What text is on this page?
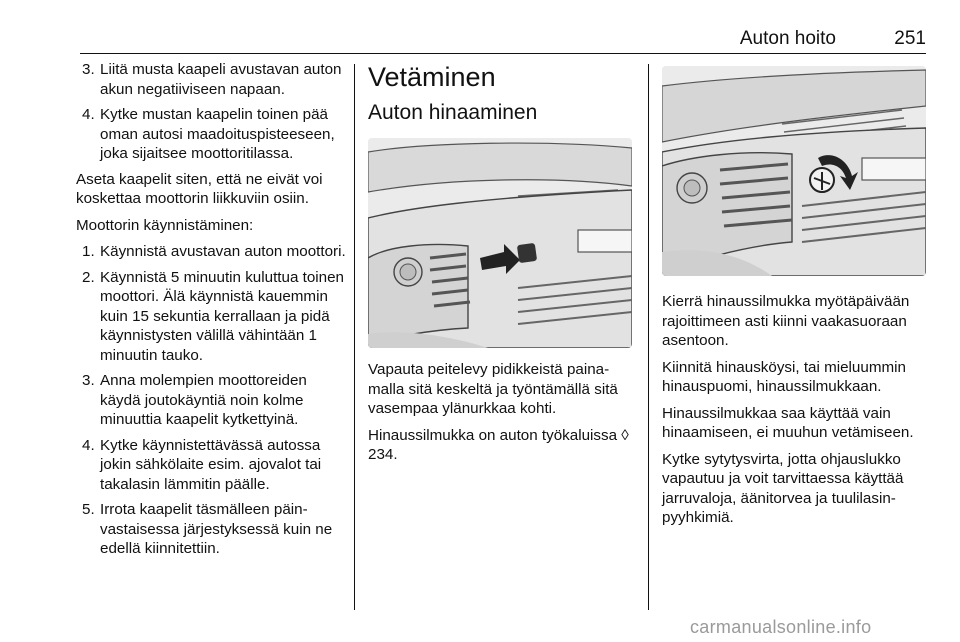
Auton hoito	251
3. Liitä musta kaapeli avustavan auton akun negatiiviseen napaan.
4. Kytke mustan kaapelin toinen pää oman autosi maadoituspisteeseen, joka sijaitsee moottoritilassa.

Aseta kaapelit siten, että ne eivät voi koskettaa moottorin liikkuviin osiin.

Moottorin käynnistäminen:

1. Käynnistä avustavan auton moottori.
2. Käynnistä 5 minuutin kuluttua toinen moottori. Älä käynnistä kauemmin kuin 15 sekuntia kerrallaan ja pidä käynnistysten välillä vähintään 1 minuutin tauko.
3. Anna molempien moottoreiden käydä joutokäyntiä noin kolme minuuttia kaapelit kytkettyinä.
4. Kytke käynnistettävässä autossa jokin sähkölaite esim. ajovalot tai takalasin lämmitin päälle.
5. Irrota kaapelit täsmälleen päinvastaisessa järjestyksessä kuin ne edellä kiinnitettiin.
Vetäminen
Auton hinaaminen

Vapauta peitelevy pidikkeistä painamalla sitä keskeltä ja työntämällä sitä vasempaa ylänurkkaa kohti.

Hinaussilmukka on auton työkaluissa ◊ 234.

Kierrä hinaussilmukka myötäpäivään rajoittimeen asti kiinni vaakasuoraan asentoon.

Kiinnitä hinausköysi, tai mieluummin hinauspuomi, hinaussilmukkaan.

Hinaussilmukkaa saa käyttää vain hinaamiseen, ei muuhun vetämiseen.

Kytke sytytysvirta, jotta ohjauslukko vapautuu ja voit tarvittaessa käyttää jarruvaloja, äänitorvea ja tuulilasinpyyhkimiä.

carmanualsonline.info
